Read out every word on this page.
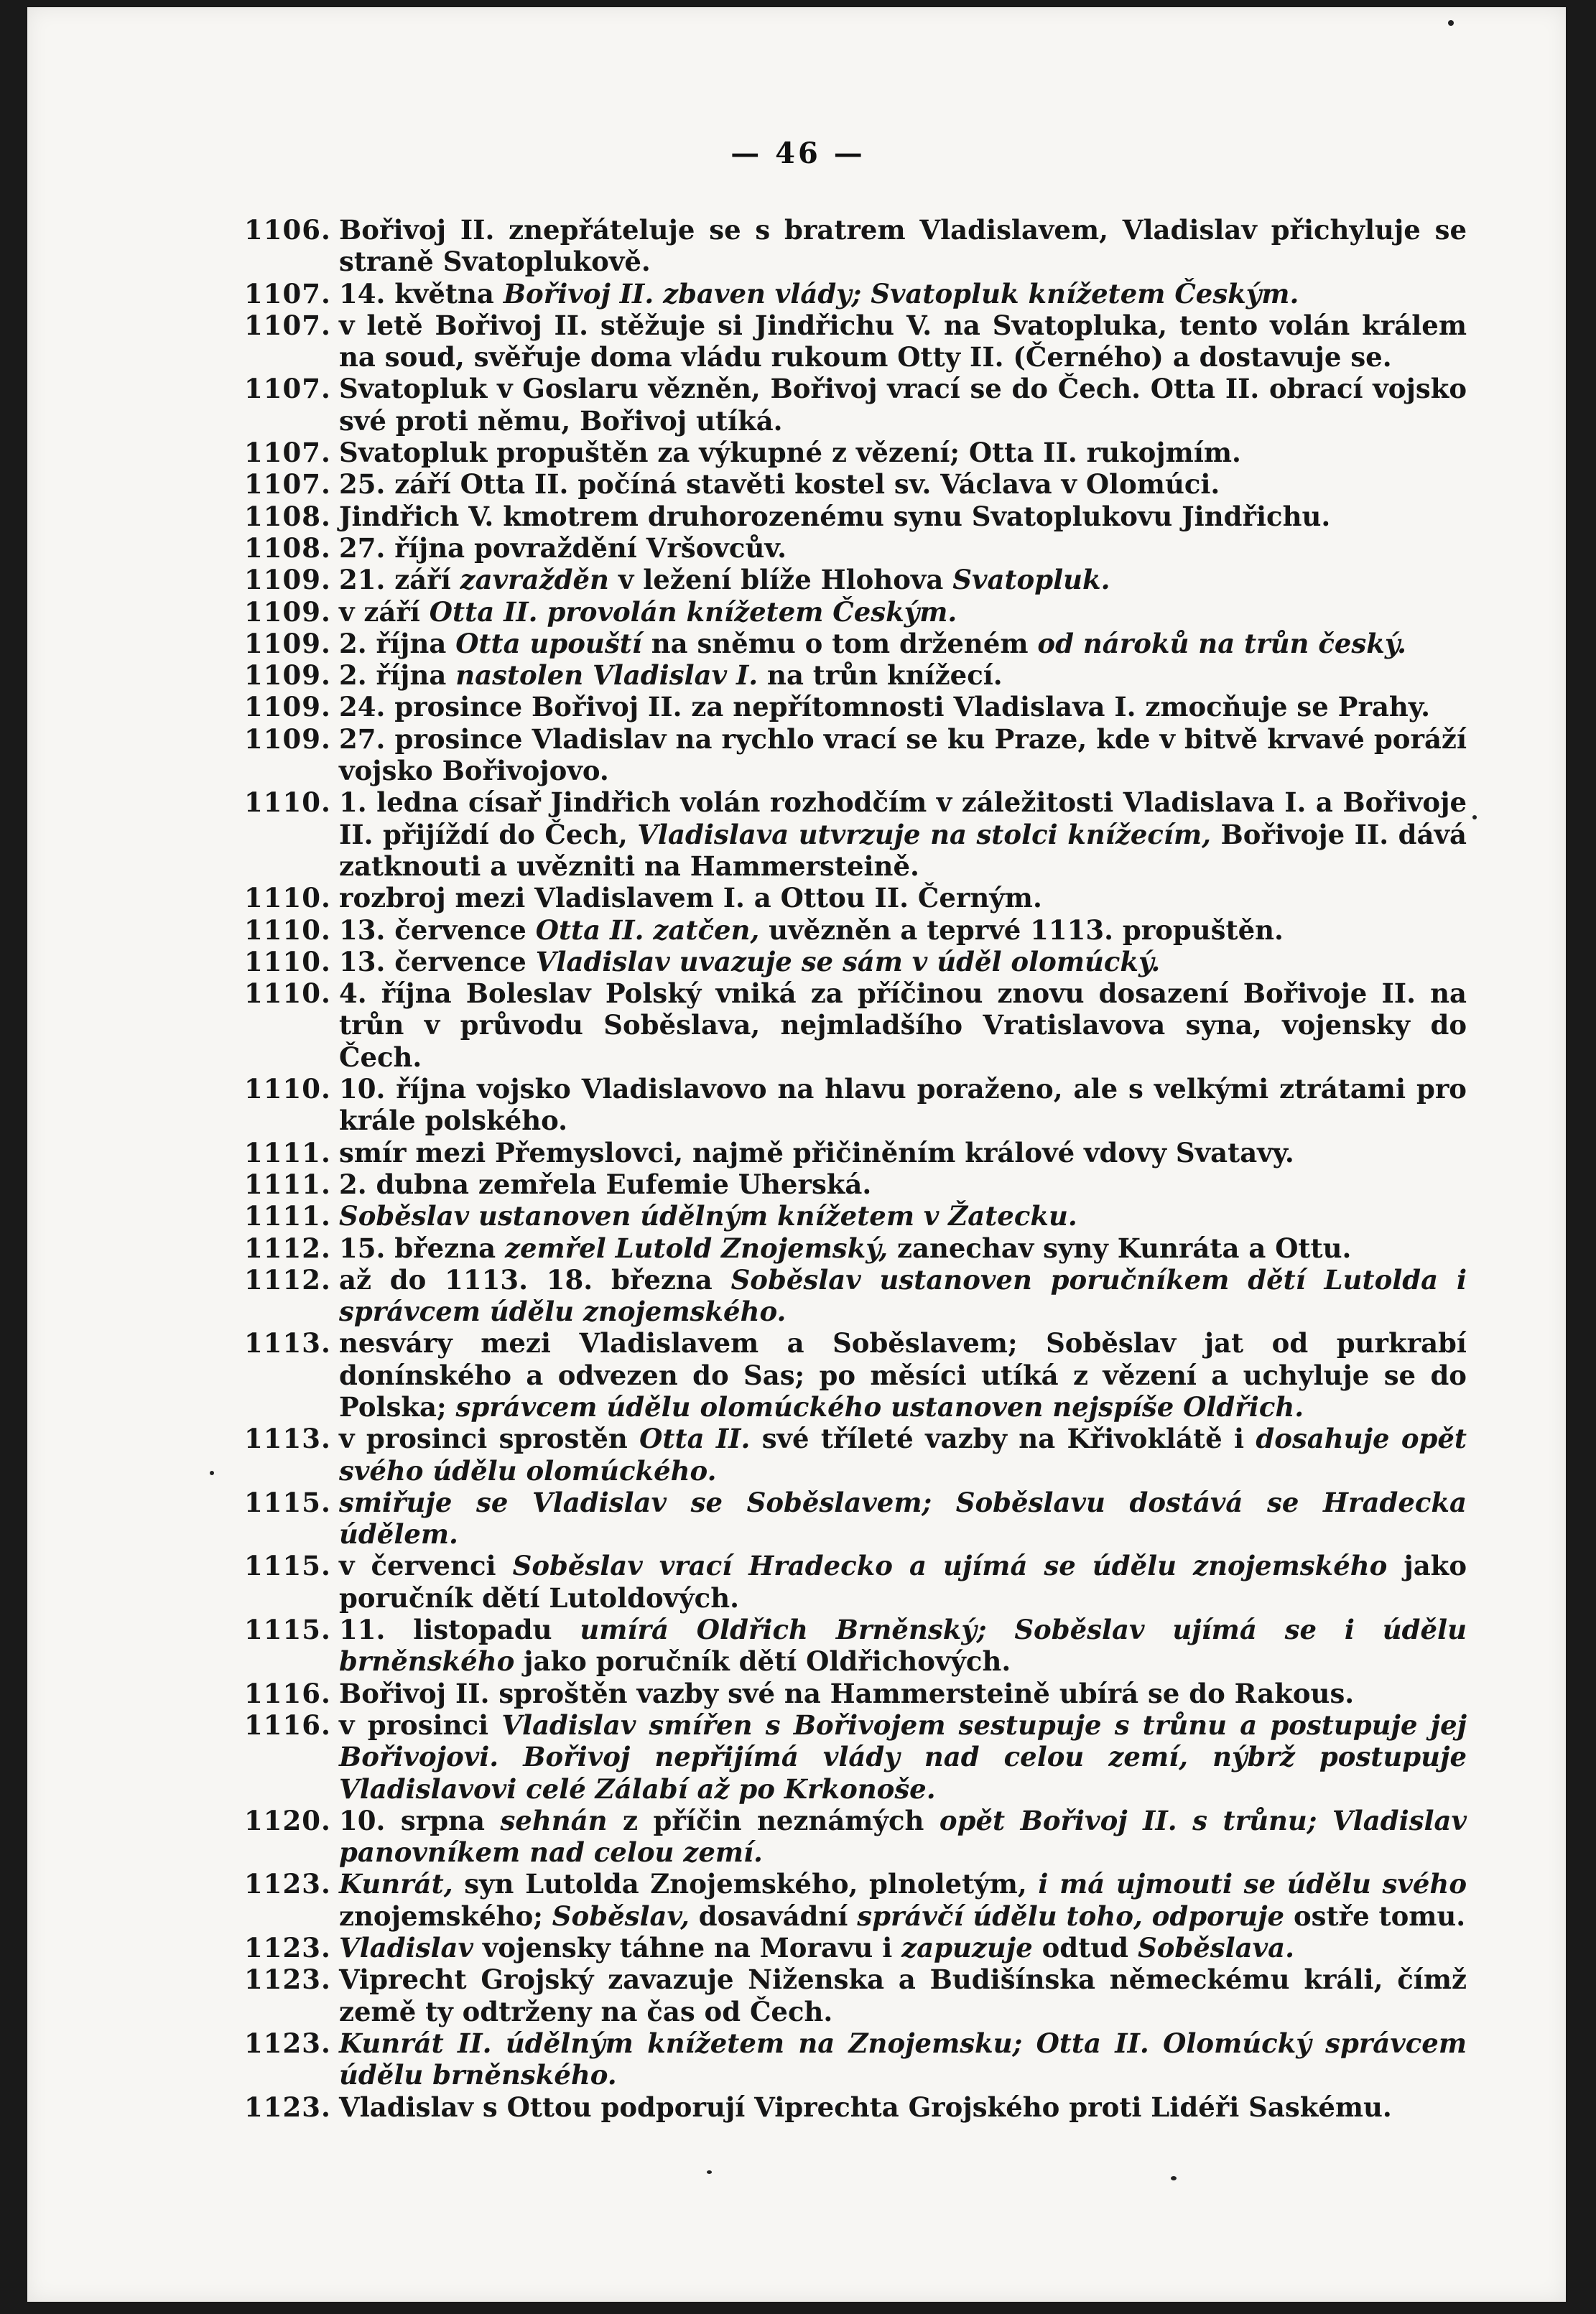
— 46 —
1106. Bořivoj II. znepřáteluje se s bratrem Vladislavem, Vladislav přichyluje se straně Svatoplukově.
1107. 14. května Bořivoj II. zbaven vlády; Svatopluk knížetem Českým.
1107. v letě Bořivoj II. stěžuje si Jindřichu V. na Svatopluka, tento volán králem na soud, svěřuje doma vládu rukoum Otty II. (Černého) a dostavuje se.
1107. Svatopluk v Goslaru vězněn, Bořivoj vrací se do Čech. Otta II. obrací vojsko své proti němu, Bořivoj utíká.
1107. Svatopluk propuštěn za výkupné z vězení; Otta II. rukojmím.
1107. 25. září Otta II. počíná stavěti kostel sv. Václava v Olomúci.
1108. Jindřich V. kmotrem druhorozenému synu Svatoplukovu Jindřichu.
1108. 27. října povraždění Vršovcův.
1109. 21. září zavražděn v ležení blíže Hlohova Svatopluk.
1109. v září Otta II. provolán knížetem Českým.
1109. 2. října Otta upouští na sněmu o tom drženém od nároků na trůn český.
1109. 2. října nastolen Vladislav I. na trůn knížecí.
1109. 24. prosince Bořivoj II. za nepřítomnosti Vladislava I. zmocňuje se Prahy.
1109. 27. prosince Vladislav na rychlo vrací se ku Praze, kde v bitvě krvavé poráží vojsko Bořivojovo.
1110. 1. ledna císař Jindřich volán rozhodčím v záležitosti Vladislava I. a Bořivoje II. přijíždí do Čech, Vladislava utvrzuje na stolci knížecím, Bořivoje II. dává zatknouti a uvězniti na Hammersteině.
1110. rozbroj mezi Vladislavem I. a Ottou II. Černým.
1110. 13. července Otta II. zatčen, uvězněn a teprvé 1113. propuštěn.
1110. 13. července Vladislav uvazuje se sám v úděl olomúcký.
1110. 4. října Boleslav Polský vniká za příčinou znovu dosazení Bořivoje II. na trůn v průvodu Soběslava, nejmladšího Vratislavova syna, vojensky do Čech.
1110. 10. října vojsko Vladislavovo na hlavu poraženo, ale s velkými ztrátami pro krále polského.
1111. smír mezi Přemyslovci, najmě přičiněním králové vdovy Svatavy.
1111. 2. dubna zemřela Eufemie Uherská.
1111. Soběslav ustanoven údělným knížetem v Žatecku.
1112. 15. března zemřel Lutold Znojemský, zanechav syny Kunráta a Ottu.
1112. až do 1113. 18. března Soběslav ustanoven poručníkem dětí Lutolda i správcem údělu znojemského.
1113. nesváry mezi Vladislavem a Soběslavem; Soběslav jat od purkrabí donínského a odvezen do Sas; po měsíci utíká z vězení a uchyluje se do Polska; správcem údělu olomúckého ustanoven nejspíše Oldřich.
1113. v prosinci sprostěn Otta II. své tříleté vazby na Křivoklátě i dosahuje opět svého údělu olomúckého.
1115. smiřuje se Vladislav se Soběslavem; Soběslavu dostává se Hradecka údělem.
1115. v červenci Soběslav vrací Hradecko a ujímá se údělu znojemského jako poručník dětí Lutoldových.
1115. 11. listopadu umírá Oldřich Brněnský; Soběslav ujímá se i údělu brněnského jako poručník dětí Oldřichových.
1116. Bořivoj II. sproštěn vazby své na Hammersteině ubírá se do Rakous.
1116. v prosinci Vladislav smířen s Bořivojem sestupuje s trůnu a postupuje jej Bořivojovi. Bořivoj nepřijímá vlády nad celou zemí, nýbrž postupuje Vladislavovi celé Zálabí až po Krkonoše.
1120. 10. srpna sehnán z příčin neznámých opět Bořivoj II. s trůnu; Vladislav panovníkem nad celou zemí.
1123. Kunrát, syn Lutolda Znojemského, plnoletým, i má ujmouti se údělu svého znojemského; Soběslav, dosavádní správčí údělu toho, odporuje ostře tomu.
1123. Vladislav vojensky táhne na Moravu i zapuzuje odtud Soběslava.
1123. Viprecht Grojský zavazuje Niženska a Budišínska německému králi, čímž země ty odtrženy na čas od Čech.
1123. Kunrát II. údělným knížetem na Znojemsku; Otta II. Olomúcký správcem údělu brněnského.
1123. Vladislav s Ottou podporují Viprechta Grojského proti Lidéři Saskému.
